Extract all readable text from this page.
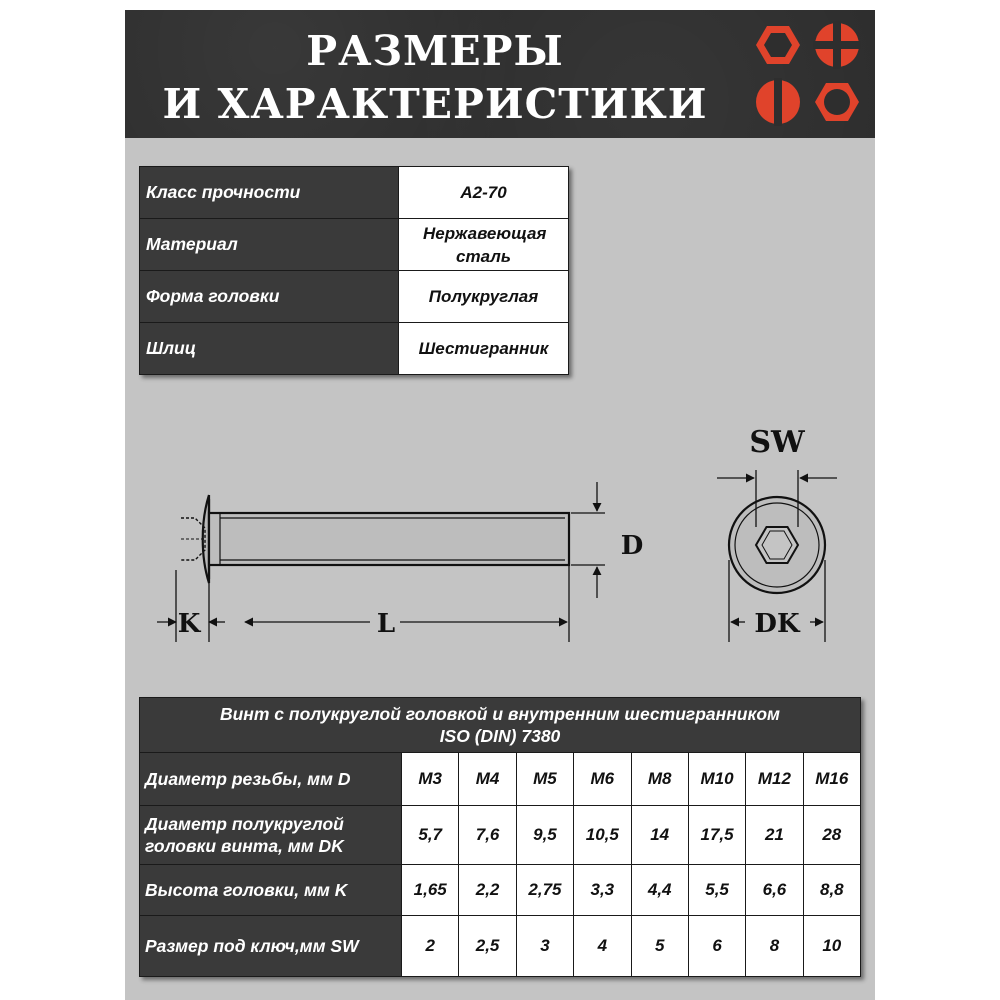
РАЗМЕРЫ
И ХАРАКТЕРИСТИКИ
Класс прочности	А2-70
Материал	Нержавеющая сталь
Форма головки	Полукруглая
Шлиц	Шестигранник
K	L
D
SW
DK
Винт с полукруглой головкой и внутренним шестигранником
ISO (DIN) 7380								

Диаметр резьбы, мм D	M3	M4	M5	M6	M8	M10	M12	M16
Диаметр полукруглой головки винта, мм DK	5,7	7,6	9,5	10,5	14	17,5	21	28
Высота головки, мм K	1,65	2,2	2,75	3,3	4,4	5,5	6,6	8,8
Размер под ключ,мм SW	2	2,5	3	4	5	6	8	10
